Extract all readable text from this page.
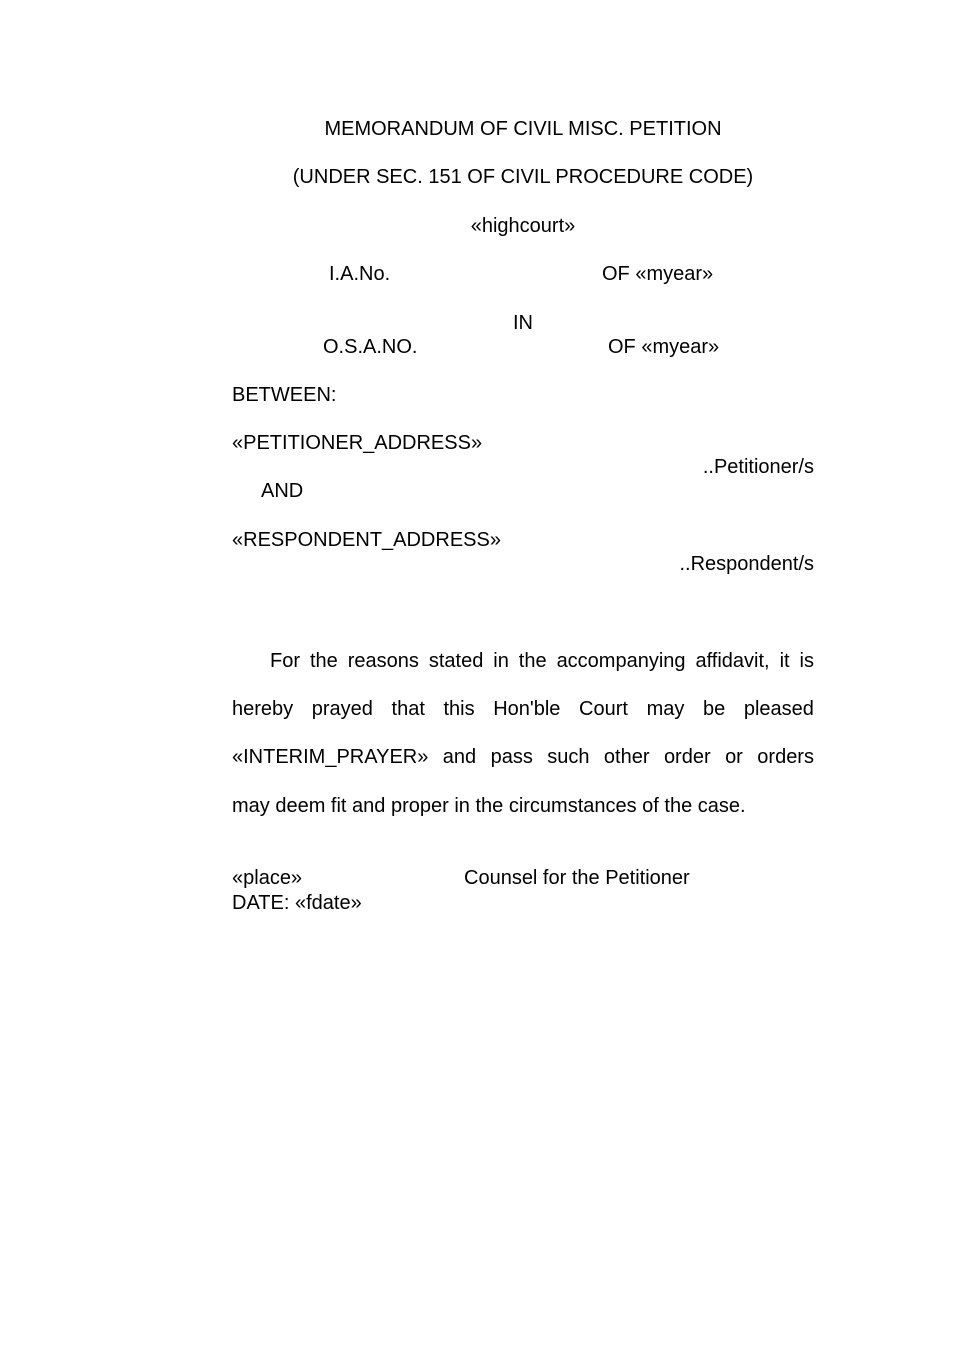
MEMORANDUM OF CIVIL MISC. PETITION
(UNDER SEC. 151 OF CIVIL PROCEDURE CODE)
«highcourt»
I.A.No.	OF «myear»
IN
O.S.A.NO.	OF «myear»
BETWEEN:
«PETITIONER_ADDRESS»
..Petitioner/s
AND
«RESPONDENT_ADDRESS»
..Respondent/s
For the reasons stated in the accompanying affidavit, it is
hereby prayed that this Hon'ble Court may be pleased
«INTERIM_PRAYER» and pass such other order or orders
may deem fit and proper in the circumstances of the case.
«place»	Counsel for the Petitioner
DATE: «fdate»
